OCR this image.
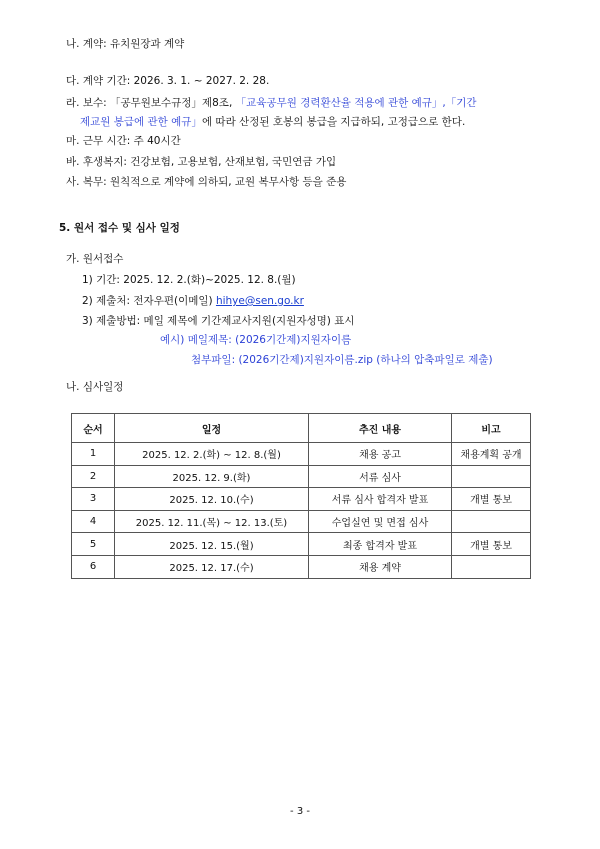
나. 계약: 유치원장과 계약
다. 계약 기간: 2026. 3. 1. ~ 2027. 2. 28.
라. 보수: 「공무원보수규정」제8조, 「교육공무원 경력환산율 적용에 관한 예규」,「기간
제교원 봉급에 관한 예규」에 따라 산정된 호봉의 봉급을 지급하되, 고정급으로 한다.
마. 근무 시간: 주 40시간
바. 후생복지: 건강보험, 고용보험, 산재보험, 국민연금 가입
사. 복무: 원칙적으로 계약에 의하되, 교원 복무사항 등을 준용
5. 원서 접수 및 심사 일정
가. 원서접수
1) 기간: 2025. 12. 2.(화)~2025. 12. 8.(월)
2) 제출처: 전자우편(이메일) hihye@sen.go.kr
3) 제출방법: 메일 제목에 기간제교사지원(지원자성명) 표시
예시) 메일제목: (2026기간제)지원자이름
첨부파일: (2026기간제)지원자이름.zip (하나의 압축파일로 제출)
나. 심사일정
순서	일정	추진 내용	비고
1	2025. 12. 2.(화) ~ 12. 8.(월)	채용 공고	채용계획 공개
2	2025. 12. 9.(화)	서류 심사	
3	2025. 12. 10.(수)	서류 심사 합격자 발표	개별 통보
4	2025. 12. 11.(목) ~ 12. 13.(토)	수업실연 및 면접 심사	
5	2025. 12. 15.(월)	최종 합격자 발표	개별 통보
6	2025. 12. 17.(수)	채용 계약	
- 3 -
